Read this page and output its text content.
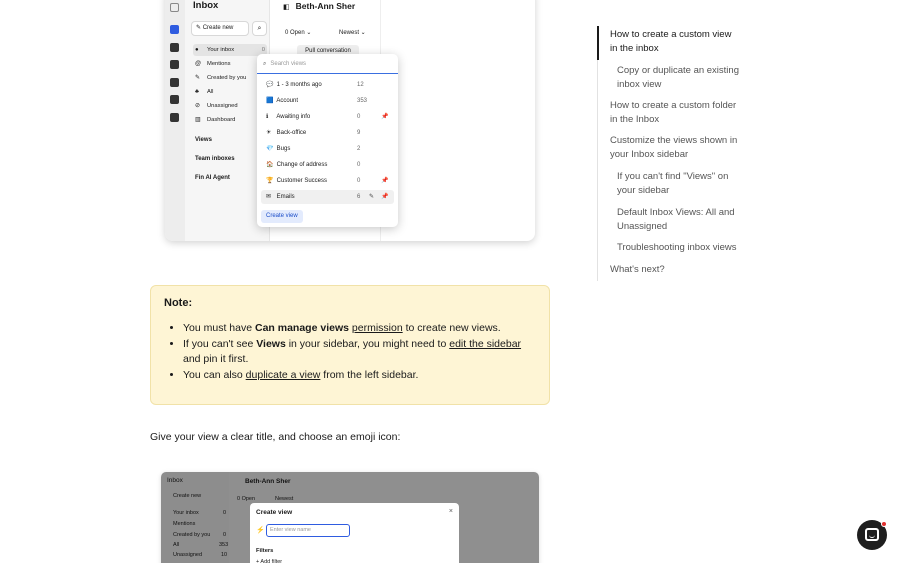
Inbox
✎ Create new	⌕
● Your inbox	0
@ Mentions
✎ Created by you
♣ All
⊘ Unassigned
▥ Dashboard
Views
Team inboxes
Fin AI Agent
◧ Beth-Ann Sher
0 Open ⌄	Newest ⌄
Pull conversation
⌕ Search views
💬 1 - 3 months ago	12
🟦 Account	353
ℹ Awaiting info	0	📌
☀ Back-office	9
💎 Bugs	2
🏠 Change of address	0
🏆 Customer Success	0	📌
✉ Emails	6 ✎ 📌
Create view
How to create a custom view in the inbox
Copy or duplicate an existing inbox view
How to create a custom folder in the Inbox
Customize the views shown in your Inbox sidebar
If you can't find "Views" on your sidebar
Default Inbox Views: All and Unassigned
Troubleshooting inbox views
What's next?
Note:
• You must have Can manage views permission to create new views.
• If you can't see Views in your sidebar, you might need to edit the sidebar and pin it first.
• You can also duplicate a view from the left sidebar.
Give your view a clear title, and choose an emoji icon:
Inbox
Create new
Beth-Ann Sher
0 Open	Newest
Your inbox	0
Mentions
Created by you 0
All	353
Unassigned	10
Create view	×
⚡ Enter view name
Filters
+ Add filter
